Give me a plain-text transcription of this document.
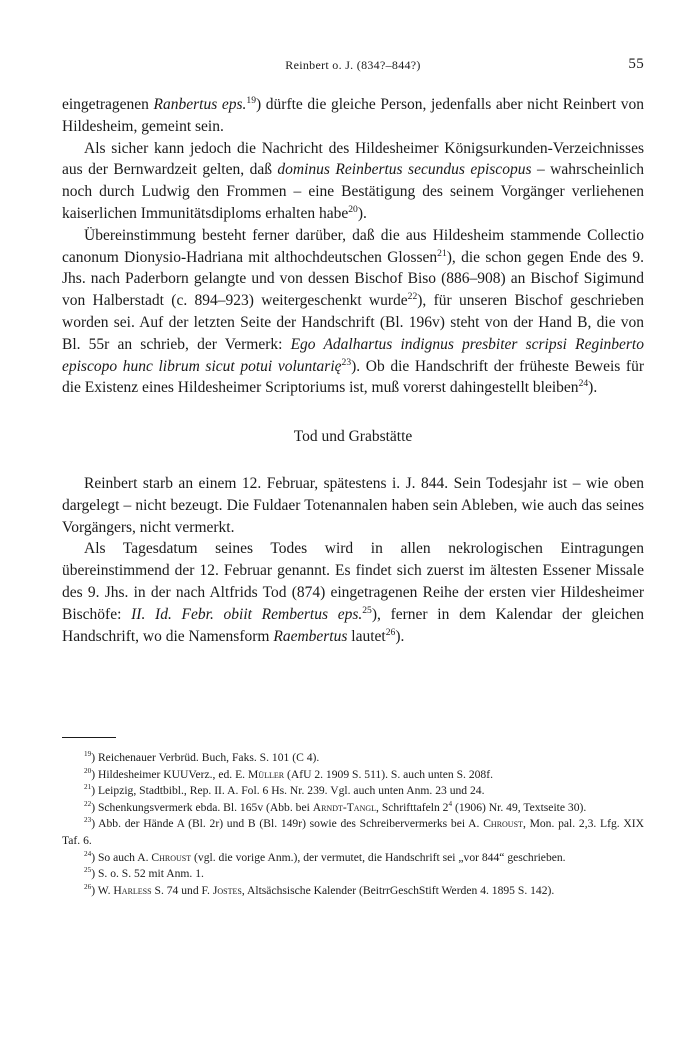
Reinbert o. J. (834?–844?)	55

eingetragenen Ranbertus eps.$^{19}$) dürfte die gleiche Person, jedenfalls aber nicht Reinbert von Hildesheim, gemeint sein.

Als sicher kann jedoch die Nachricht des Hildesheimer Königsurkunden-Verzeichnisses aus der Bernwardzeit gelten, daß dominus Reinbertus secundus episcopus – wahrscheinlich noch durch Ludwig den Frommen – eine Bestätigung des seinem Vorgänger verliehenen kaiserlichen Immunitätsdiploms erhalten habe$^{20}$).

Übereinstimmung besteht ferner darüber, daß die aus Hildesheim stammende Collectio canonum Dionysio-Hadriana mit althochdeutschen Glossen$^{21}$), die schon gegen Ende des 9. Jhs. nach Paderborn gelangte und von dessen Bischof Biso (886–908) an Bischof Sigimund von Halberstadt (c. 894–923) weitergeschenkt wurde$^{22}$), für unseren Bischof geschrieben worden sei. Auf der letzten Seite der Handschrift (Bl. 196v) steht von der Hand B, die von Bl. 55r an schrieb, der Vermerk: Ego Adalhartus indignus presbiter scripsi Reginberto episcopo hunc librum sicut potui voluntarię$^{23}$). Ob die Handschrift der früheste Beweis für die Existenz eines Hildesheimer Scriptoriums ist, muß vorerst dahingestellt bleiben$^{24}$).

Tod und Grabstätte

Reinbert starb an einem 12. Februar, spätestens i. J. 844. Sein Todesjahr ist – wie oben dargelegt – nicht bezeugt. Die Fuldaer Totenannalen haben sein Ableben, wie auch das seines Vorgängers, nicht vermerkt.

Als Tagesdatum seines Todes wird in allen nekrologischen Eintragungen übereinstimmend der 12. Februar genannt. Es findet sich zuerst im ältesten Essener Missale des 9. Jhs. in der nach Altfrids Tod (874) eingetragenen Reihe der ersten vier Hildesheimer Bischöfe: II. Id. Febr. obiit Rembertus eps.$^{25}$), ferner in dem Kalendar der gleichen Handschrift, wo die Namensform Raembertus lautet$^{26}$).

$^{19}$) Reichenauer Verbrüd. Buch, Faks. S. 101 (C 4).

$^{20}$) Hildesheimer KUUVerz., ed. E. Müller (AfU 2. 1909 S. 511). S. auch unten S. 208f.

$^{21}$) Leipzig, Stadtbibl., Rep. II. A. Fol. 6 Hs. Nr. 239. Vgl. auch unten Anm. 23 und 24.

$^{22}$) Schenkungsvermerk ebda. Bl. 165v (Abb. bei Arndt-Tangl, Schrifttafeln $2^4$ (1906) Nr. 49, Textseite 30).

$^{23}$) Abb. der Hände A (Bl. 2r) und B (Bl. 149r) sowie des Schreibervermerks bei A. Chroust, Mon. pal. 2,3. Lfg. XIX Taf. 6.

$^{24}$) So auch A. Chroust (vgl. die vorige Anm.), der vermutet, die Handschrift sei „vor 844“ geschrieben.

$^{25}$) S. o. S. 52 mit Anm. 1.

$^{26}$) W. Harless S. 74 und F. Jostes, Altsächsische Kalender (BeitrrGeschStift Werden 4. 1895 S. 142).
